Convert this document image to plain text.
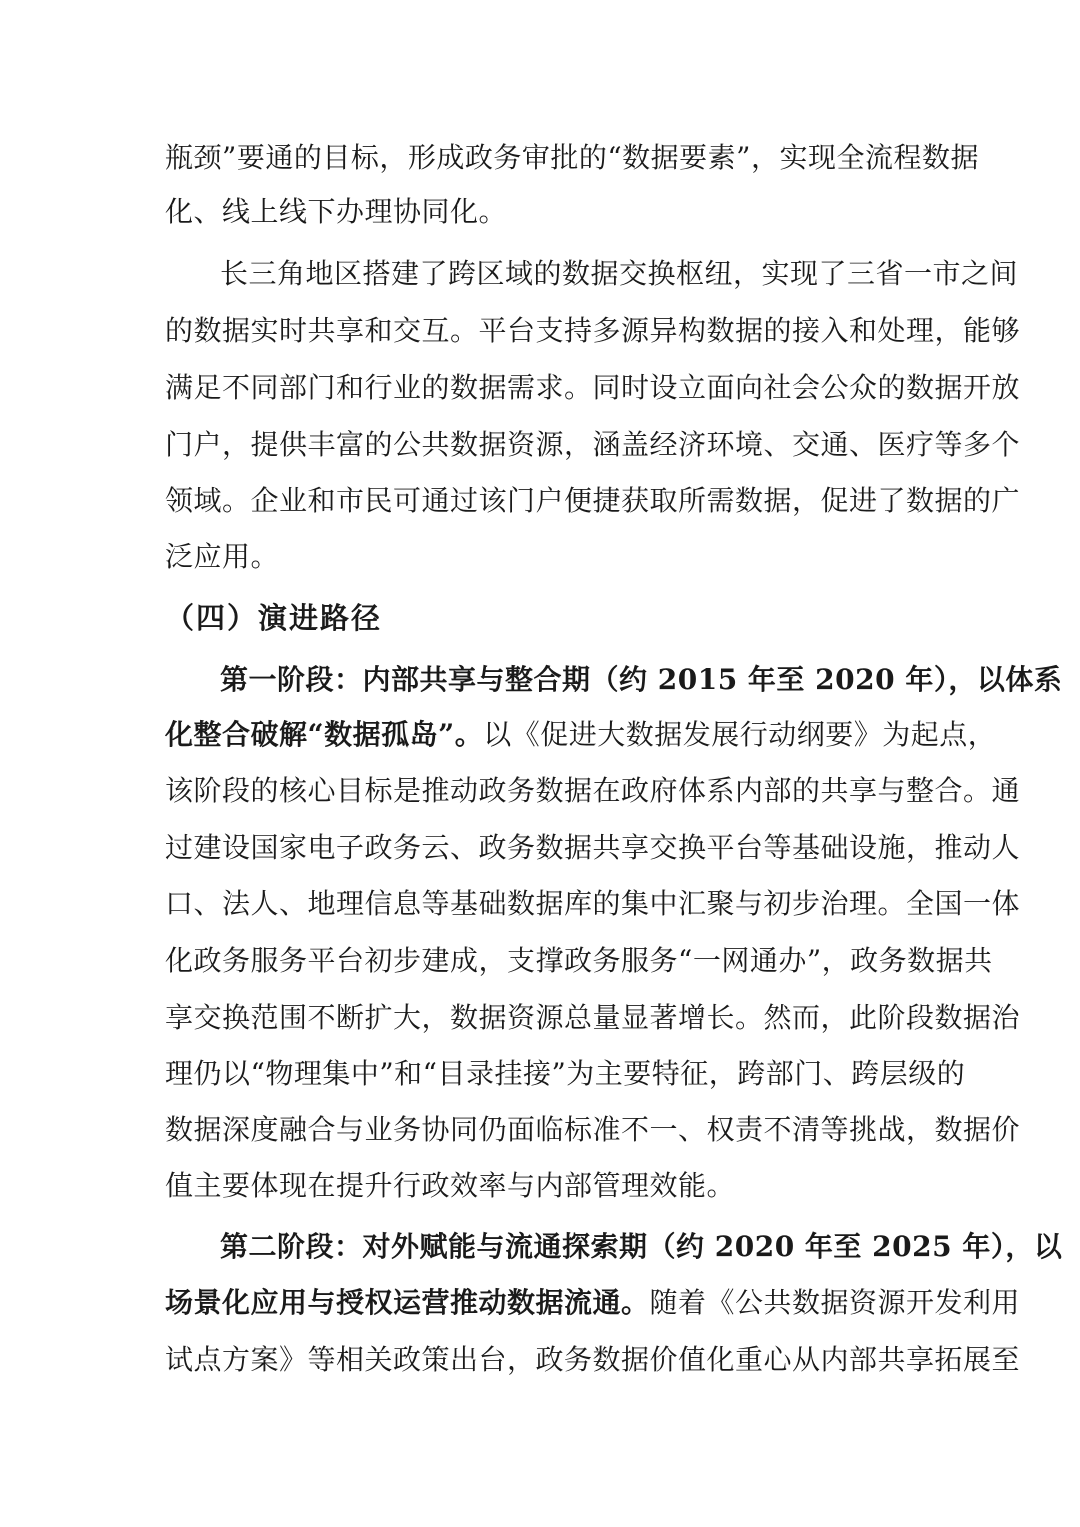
瓶颈”要通的目标，形成政务审批的“数据要素”，实现全流程数据
化、线上线下办理协同化。
长三角地区搭建了跨区域的数据交换枢纽，实现了三省一市之间
的数据实时共享和交互。平台支持多源异构数据的接入和处理，能够
满足不同部门和行业的数据需求。同时设立面向社会公众的数据开放
门户，提供丰富的公共数据资源，涵盖经济环境、交通、医疗等多个
领域。企业和市民可通过该门户便捷获取所需数据，促进了数据的广
泛应用。
（四）演进路径
第一阶段：内部共享与整合期（约 2015 年至 2020 年），以体系
化整合破解“数据孤岛”。以《促进大数据发展行动纲要》为起点，
该阶段的核心目标是推动政务数据在政府体系内部的共享与整合。通
过建设国家电子政务云、政务数据共享交换平台等基础设施，推动人
口、法人、地理信息等基础数据库的集中汇聚与初步治理。全国一体
化政务服务平台初步建成，支撑政务服务“一网通办”，政务数据共
享交换范围不断扩大，数据资源总量显著增长。然而，此阶段数据治
理仍以“物理集中”和“目录挂接”为主要特征，跨部门、跨层级的
数据深度融合与业务协同仍面临标准不一、权责不清等挑战，数据价
值主要体现在提升行政效率与内部管理效能。
第二阶段：对外赋能与流通探索期（约 2020 年至 2025 年），以
场景化应用与授权运营推动数据流通。随着《公共数据资源开发利用
试点方案》等相关政策出台，政务数据价值化重心从内部共享拓展至
